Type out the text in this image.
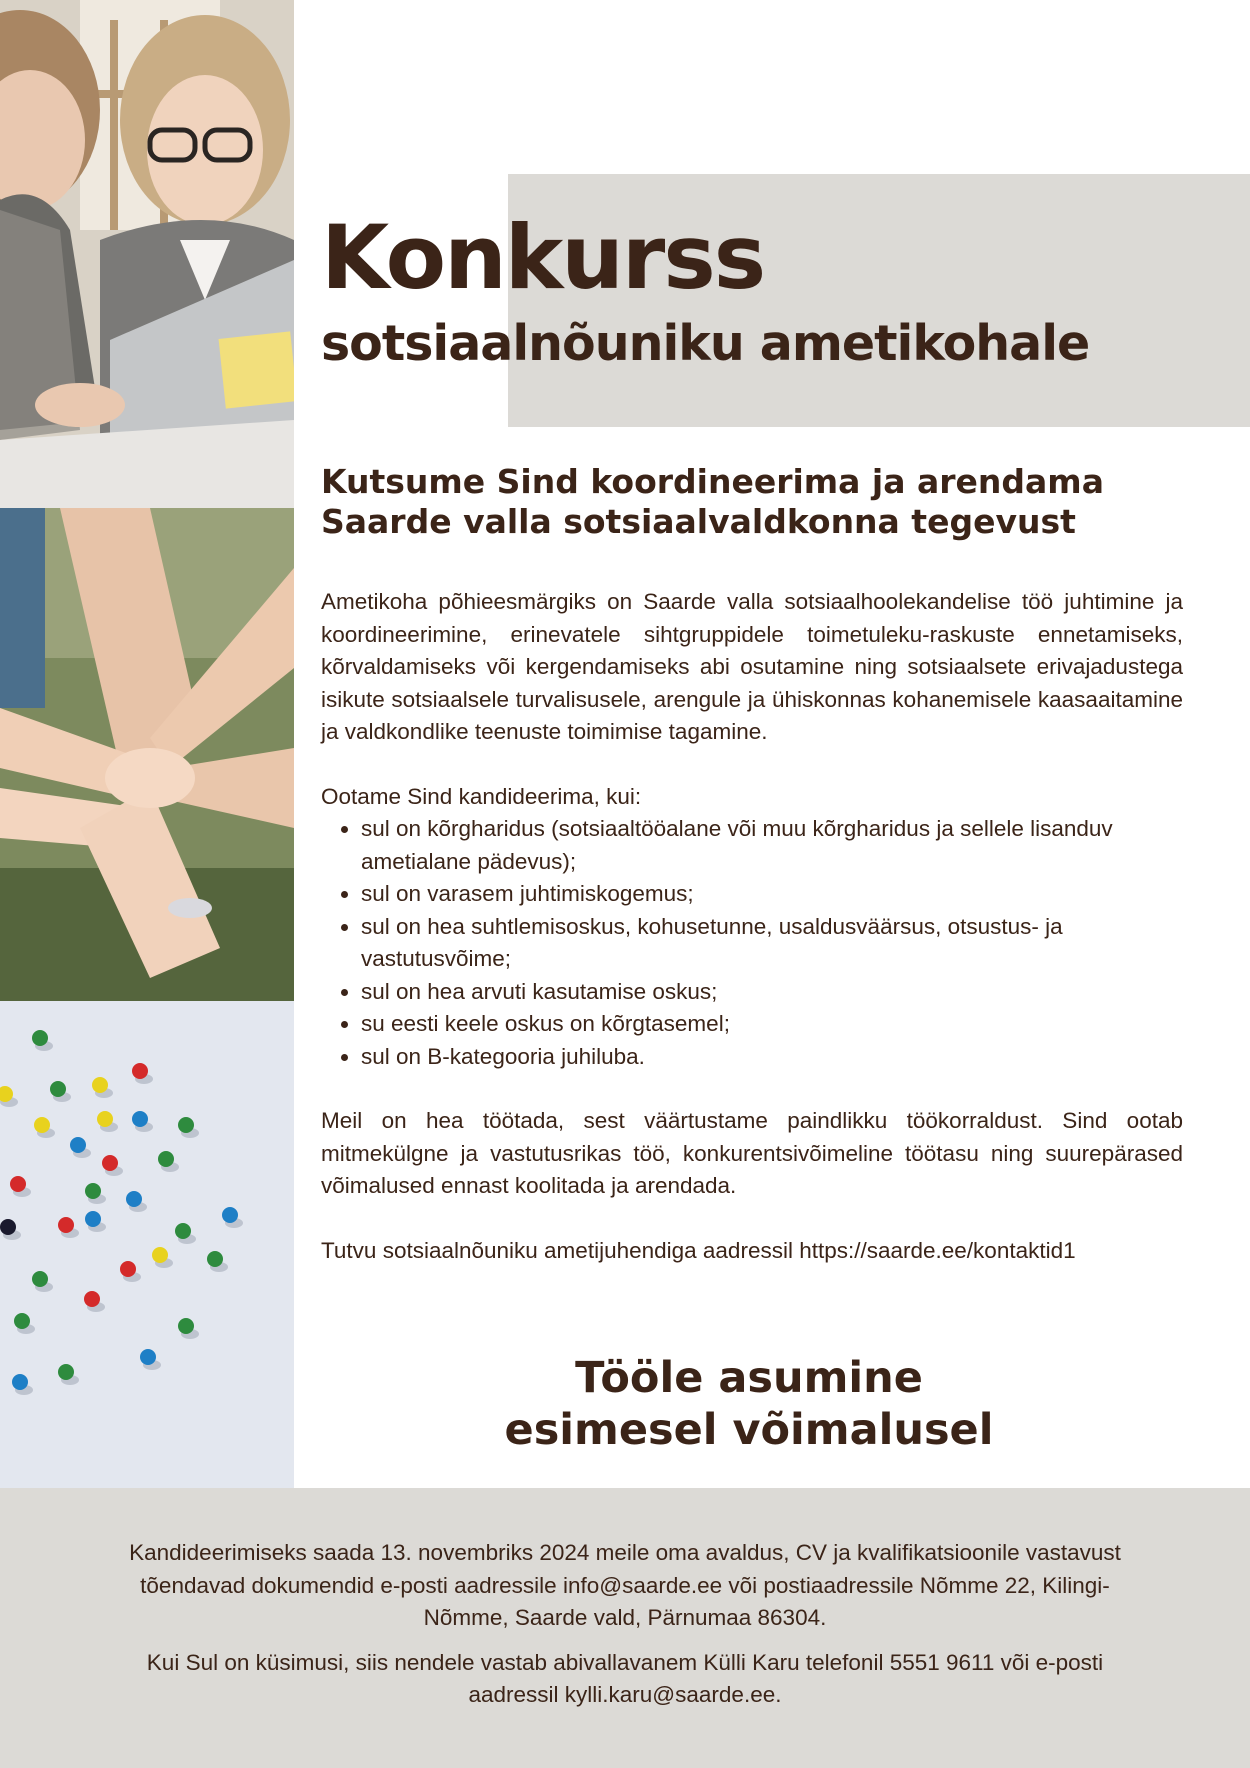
Konkurss
sotsiaalnõuniku ametikohale
Kutsume Sind koordineerima ja arendama
Saarde valla sotsiaalvaldkonna tegevust

Ametikoha põhieesmärgiks on Saarde valla sotsiaalhoolekandelise töö juhtimine ja koordineerimine, erinevatele sihtgruppidele toimetuleku-raskuste ennetamiseks, kõrvaldamiseks või kergendamiseks abi osutamine ning sotsiaalsete erivajadustega isikute sotsiaalsele turvalisusele, arengule ja ühiskonnas kohanemisele kaasaaitamine ja valdkondlike teenuste toimimise tagamine.

Ootame Sind kandideerima, kui:

• sul on kõrgharidus (sotsiaaltööalane või muu kõrgharidus ja sellele lisanduv ametialane pädevus);
• sul on varasem juhtimiskogemus;
• sul on hea suhtlemisoskus, kohusetunne, usaldusväärsus, otsustus- ja vastutusvõime;
• sul on hea arvuti kasutamise oskus;
• su eesti keele oskus on kõrgtasemel;
• sul on B-kategooria juhiluba.

Meil on hea töötada, sest väärtustame paindlikku töökorraldust. Sind ootab mitmekülgne ja vastutusrikas töö, konkurentsivõimeline töötasu ning suurepärased võimalused ennast koolitada ja arendada.

Tutvu sotsiaalnõuniku ametijuhendiga aadressil https://saarde.ee/kontaktid1

Tööle asumine
esimesel võimalusel

Kandideerimiseks saada 13. novembriks 2024 meile oma avaldus, CV ja kvalifikatsioonile vastavust tõendavad dokumendid e-posti aadressile info@saarde.ee või postiaadressile Nõmme 22, Kilingi-Nõmme, Saarde vald, Pärnumaa 86304.

Kui Sul on küsimusi, siis nendele vastab abivallavanem Külli Karu telefonil 5551 9611 või e-posti aadressil kylli.karu@saarde.ee.
